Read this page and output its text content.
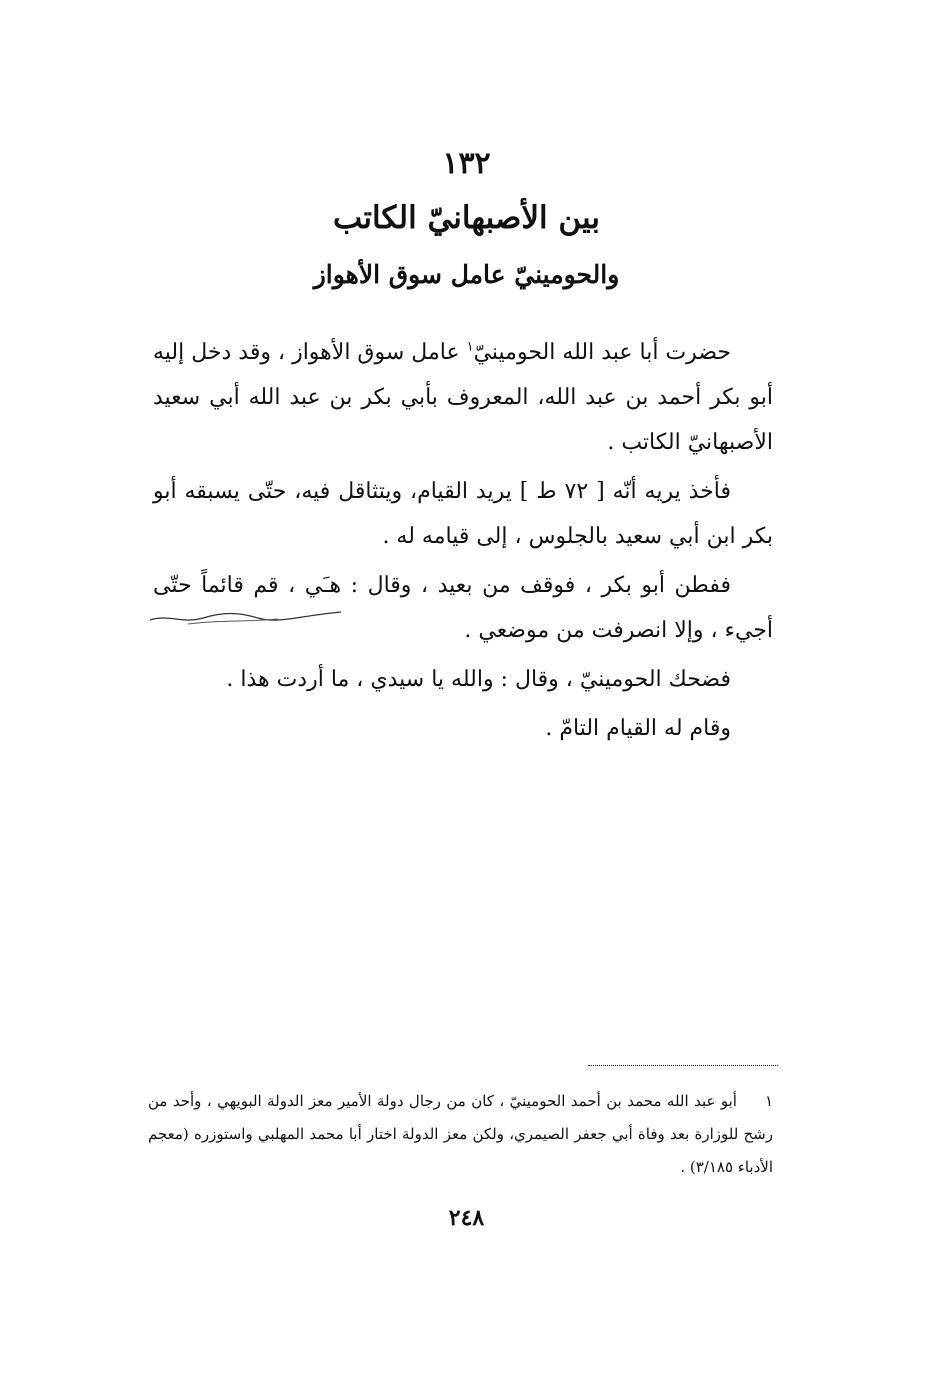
١٣٢
بين الأصبهانيّ الكاتب
والحومينيّ عامل سوق الأهواز

حضرت أبا عبد الله الحومينيّ$^١$ عامل سوق الأهواز ، وقد دخل إليه أبو بكر أحمد بن عبد الله، المعروف بأبي بكر بن عبد الله أبي سعيد الأصبهانيّ الكاتب .

فأخذ يريه أنّه [ ٧٢ ط ] يريد القيام، ويتثاقل فيه، حتّى يسبقه أبو بكر ابن أبي سعيد بالجلوس ، إلى قيامه له .

ففطن أبو بكر ، فوقف من بعيد ، وقال : هـَي ، قم قائماً حتّى أجيء ، وإلا انصرفت من موضعي .

فضحك الحومينيّ ، وقال : والله يا سيدي ، ما أردت هذا .

وقام له القيام التامّ .

١أبو عبد الله محمد بن أحمد الحومينيّ ، كان من رجال دولة الأمير معز الدولة البويهي ، وأحد من رشح للوزارة بعد وفاة أبي جعفر الصيمري، ولكن معز الدولة اختار أبا محمد المهلبي واستوزره (معجم الأدباء ٣/١٨٥) .
٢٤٨
